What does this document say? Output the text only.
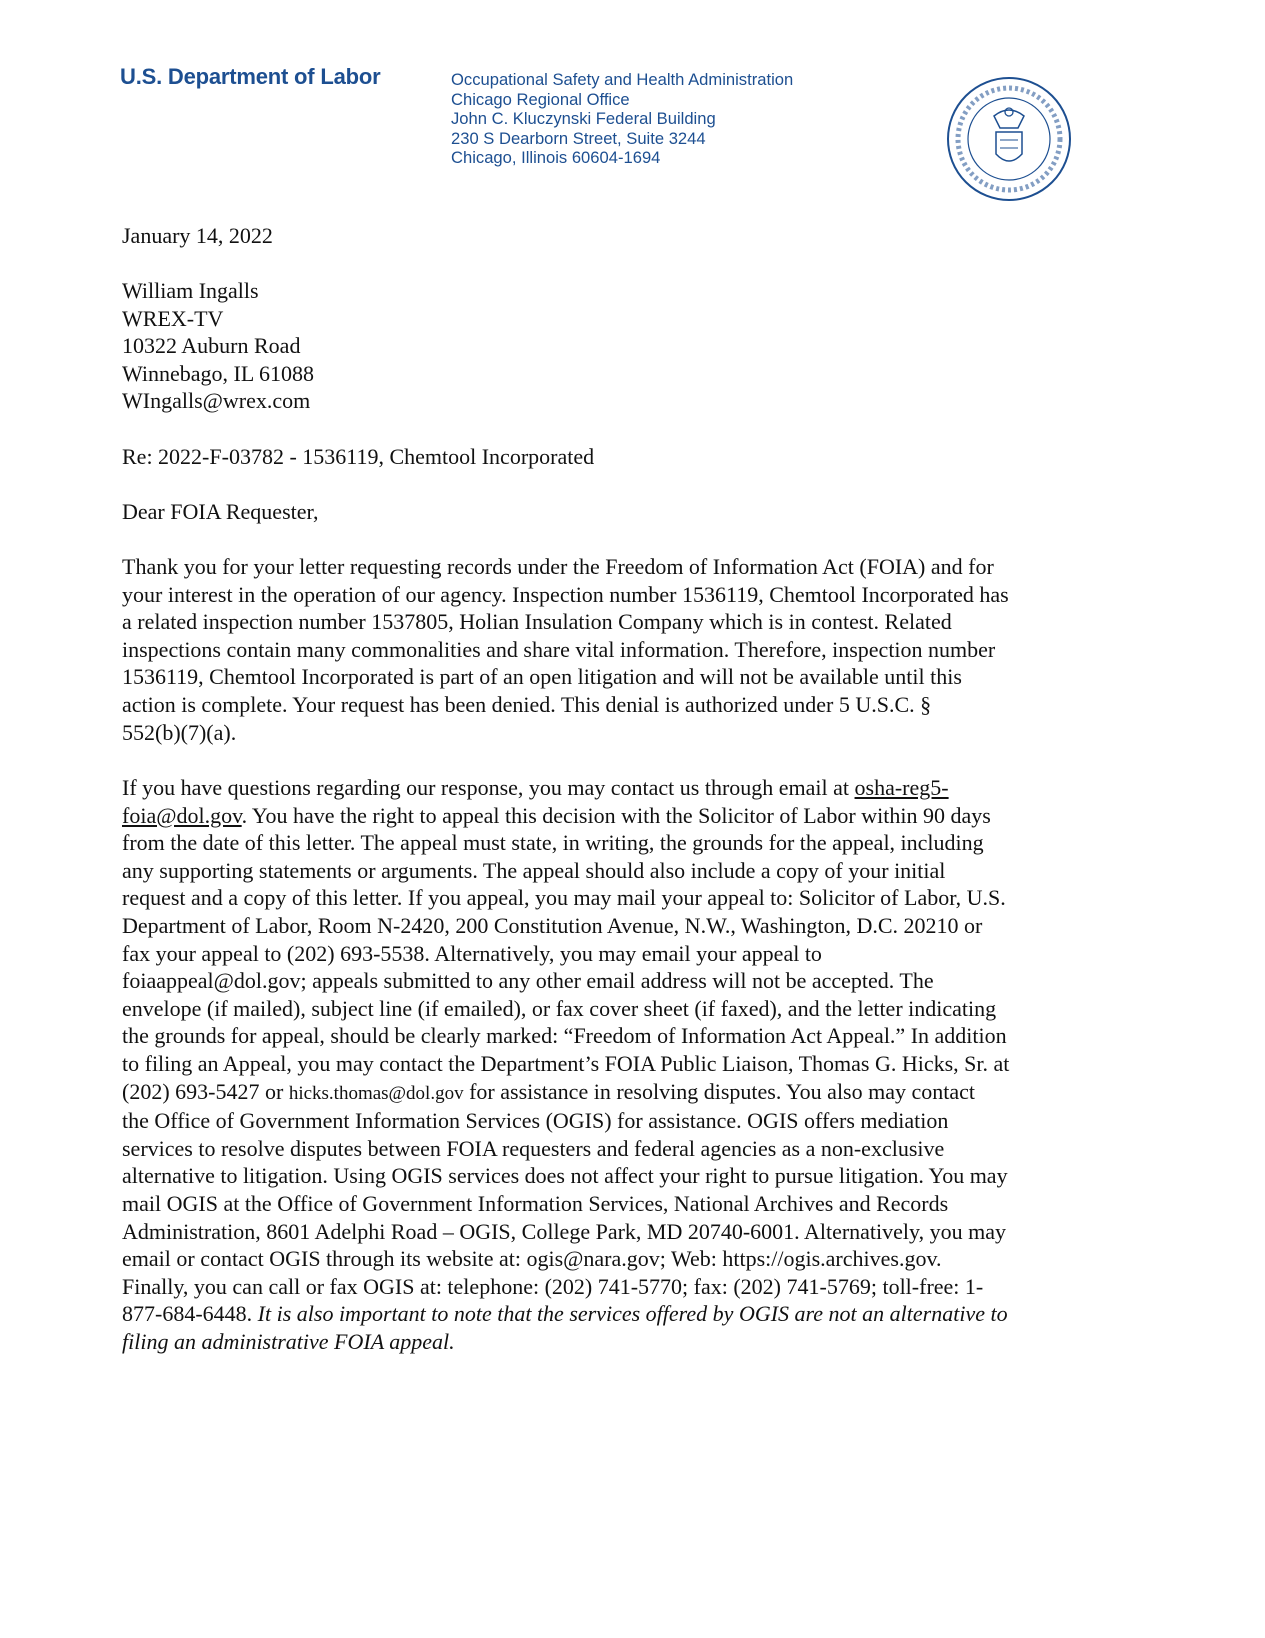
U.S. Department of Labor	Occupational Safety and Health Administration
Chicago Regional Office
John C. Kluczynski Federal Building
230 S Dearborn Street, Suite 3244
Chicago, Illinois 60604-1694
January 14, 2022
William Ingalls
WREX-TV
10322 Auburn Road
Winnebago, IL 61088
WIngalls@wrex.com
Re: 2022-F-03782 - 1536119, Chemtool Incorporated
Dear FOIA Requester,
Thank you for your letter requesting records under the Freedom of Information Act (FOIA) and for
your interest in the operation of our agency. Inspection number 1536119, Chemtool Incorporated has
a related inspection number 1537805, Holian Insulation Company which is in contest. Related
inspections contain many commonalities and share vital information. Therefore, inspection number
1536119, Chemtool Incorporated is part of an open litigation and will not be available until this
action is complete. Your request has been denied. This denial is authorized under 5 U.S.C. §
552(b)(7)(a).
If you have questions regarding our response, you may contact us through email at osha-reg5-
foia@dol.gov. You have the right to appeal this decision with the Solicitor of Labor within 90 days
from the date of this letter. The appeal must state, in writing, the grounds for the appeal, including
any supporting statements or arguments. The appeal should also include a copy of your initial
request and a copy of this letter. If you appeal, you may mail your appeal to: Solicitor of Labor, U.S.
Department of Labor, Room N-2420, 200 Constitution Avenue, N.W., Washington, D.C. 20210 or
fax your appeal to (202) 693-5538. Alternatively, you may email your appeal to
foiaappeal@dol.gov; appeals submitted to any other email address will not be accepted. The
envelope (if mailed), subject line (if emailed), or fax cover sheet (if faxed), and the letter indicating
the grounds for appeal, should be clearly marked: “Freedom of Information Act Appeal.” In addition
to filing an Appeal, you may contact the Department’s FOIA Public Liaison, Thomas G. Hicks, Sr. at
(202) 693-5427 or hicks.thomas@dol.gov for assistance in resolving disputes. You also may contact
the Office of Government Information Services (OGIS) for assistance. OGIS offers mediation
services to resolve disputes between FOIA requesters and federal agencies as a non-exclusive
alternative to litigation. Using OGIS services does not affect your right to pursue litigation. You may
mail OGIS at the Office of Government Information Services, National Archives and Records
Administration, 8601 Adelphi Road – OGIS, College Park, MD 20740-6001. Alternatively, you may
email or contact OGIS through its website at: ogis@nara.gov; Web: https://ogis.archives.gov.
Finally, you can call or fax OGIS at: telephone: (202) 741-5770; fax: (202) 741-5769; toll-free: 1-
877-684-6448. It is also important to note that the services offered by OGIS are not an alternative to
filing an administrative FOIA appeal.
